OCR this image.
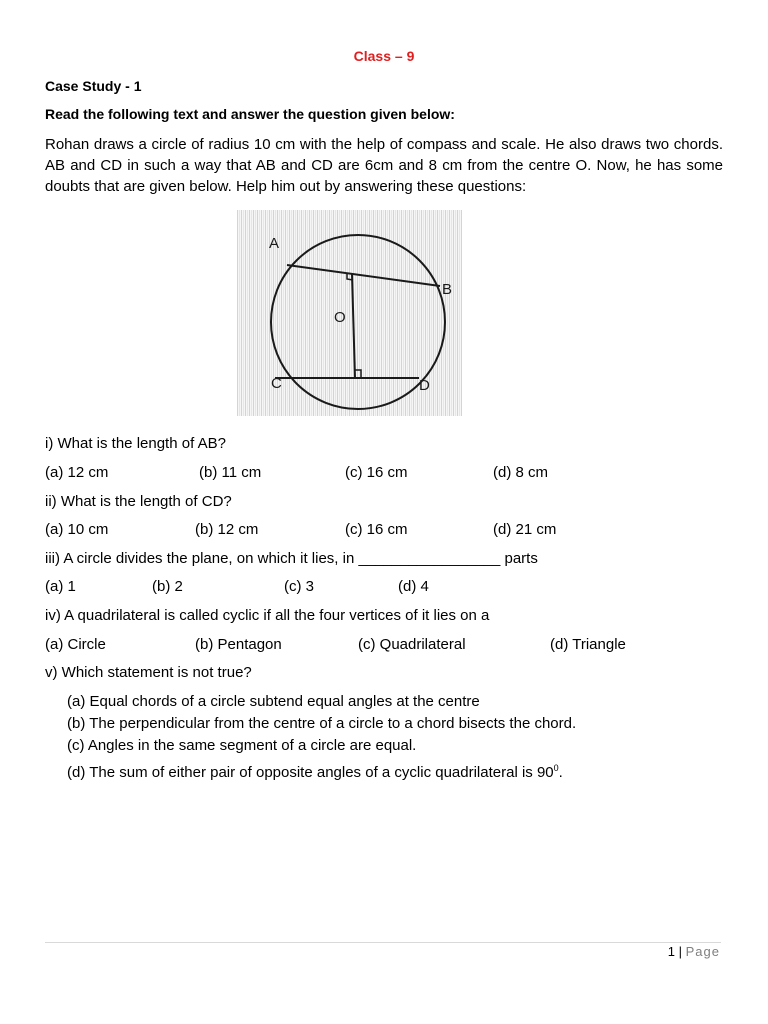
Class – 9
Case Study - 1
Read the following text and answer the question given below:
Rohan draws a circle of radius 10 cm with the help of compass and scale. He also draws two chords. AB and CD in such a way that AB and CD are 6cm and 8 cm from the centre O. Now, he has some doubts that are given below. Help him out by answering these questions:
A
B
C	D
O
i) What is the length of AB?
(a) 12 cm	(b) 11 cm	(c) 16 cm	(d) 8 cm
ii) What is the length of CD?
(a) 10 cm	(b) 12 cm	(c) 16 cm	(d) 21 cm
iii) A circle divides the plane, on which it lies, in _________________ parts
(a) 1	(b) 2	(c) 3	(d) 4
iv) A quadrilateral is called cyclic if all the four vertices of it lies on a
(a) Circle	(b) Pentagon	(c) Quadrilateral	(d) Triangle
v) Which statement is not true?
(a) Equal chords of a circle subtend equal angles at the centre
(b) The perpendicular from the centre of a circle to a chord bisects the chord.
(c) Angles in the same segment of a circle are equal.
(d) The sum of either pair of opposite angles of a cyclic quadrilateral is $90^0$.
1 | Page
